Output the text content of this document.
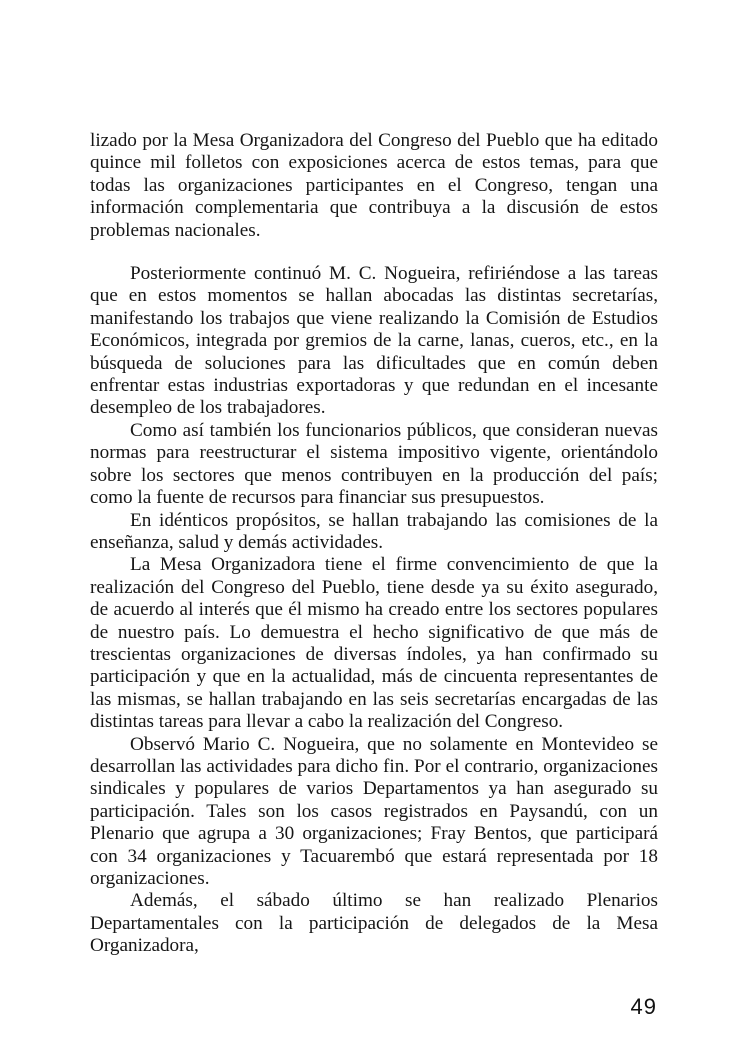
lizado por la Mesa Organizadora del Congreso del Pueblo que ha editado quince mil folletos con exposiciones acerca de estos temas, para que todas las organizaciones participantes en el Congreso, tengan una información complementaria que contribuya a la discusión de estos problemas nacionales.

Posteriormente continuó M. C. Nogueira, refiriéndose a las tareas que en estos momentos se hallan abocadas las distintas secretarías, manifestando los trabajos que viene realizando la Comisión de Estudios Económicos, integrada por gremios de la carne, lanas, cueros, etc., en la búsqueda de soluciones para las dificultades que en común deben enfrentar estas industrias exportadoras y que redundan en el incesante desempleo de los trabajadores.

Como así también los funcionarios públicos, que consideran nuevas normas para reestructurar el sistema impositivo vigente, orientándolo sobre los sectores que menos contribuyen en la producción del país; como la fuente de recursos para financiar sus presupuestos.

En idénticos propósitos, se hallan trabajando las comisiones de la enseñanza, salud y demás actividades.

La Mesa Organizadora tiene el firme convencimiento de que la realización del Congreso del Pueblo, tiene desde ya su éxito asegurado, de acuerdo al interés que él mismo ha creado entre los sectores populares de nuestro país. Lo demuestra el hecho significativo de que más de trescientas organizaciones de diversas índoles, ya han confirmado su participación y que en la actualidad, más de cincuenta representantes de las mismas, se hallan trabajando en las seis secretarías encargadas de las distintas tareas para llevar a cabo la realización del Congreso.

Observó Mario C. Nogueira, que no solamente en Montevideo se desarrollan las actividades para dicho fin. Por el contrario, organizaciones sindicales y populares de varios Departamentos ya han asegurado su participación. Tales son los casos registrados en Paysandú, con un Plenario que agrupa a 30 organizaciones; Fray Bentos, que participará con 34 organizaciones y Tacuarembó que estará representada por 18 organizaciones.

Además, el sábado último se han realizado Plenarios Departamentales con la participación de delegados de la Mesa Organizadora,

49
